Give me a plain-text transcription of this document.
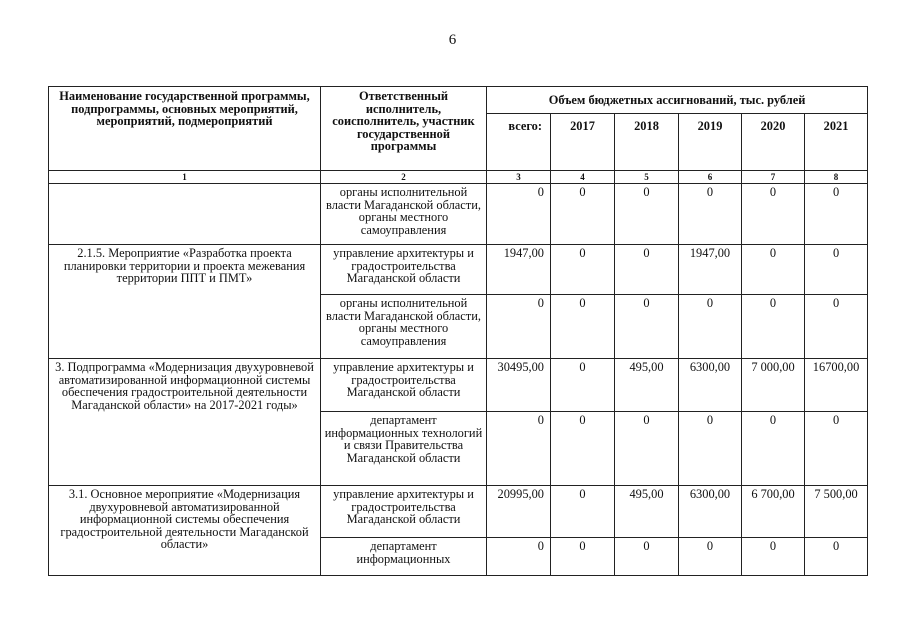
6
Наименование государственной программы, подпрограммы, основных мероприятий, мероприятий, подмероприятий	Ответственный исполнитель, соисполнитель, участник государственной программы	Объем бюджетных ассигнований, тыс. рублей					
		всего:	2017	2018	2019	2020	2021
1	2	3	4	5	6	7	8
	органы исполнительной власти Магаданской области, органы местного самоуправления	0	0	0	0	0	0
2.1.5. Мероприятие «Разработка проекта планировки территории и проекта межевания территории ППТ и ПМТ»	управление архитектуры и градостроительства Магаданской области	1947,00	0	0	1947,00	0	0
	органы исполнительной власти Магаданской области, органы местного самоуправления	0	0	0	0	0	0
3. Подпрограмма «Модернизация двухуровневой автоматизированной информационной системы обеспечения градостроительной деятельности Магаданской области» на 2017-2021 годы»	управление архитектуры и градостроительства Магаданской области	30495,00	0	495,00	6300,00	7 000,00	16700,00
	департамент информационных технологий и связи Правительства Магаданской области	0	0	0	0	0	0
3.1. Основное мероприятие «Модернизация двухуровневой автоматизированной информационной системы обеспечения градостроительной деятельности Магаданской области»	управление архитектуры и градостроительства Магаданской области	20995,00	0	495,00	6300,00	6 700,00	7 500,00
	департамент информационных	0	0	0	0	0	0
